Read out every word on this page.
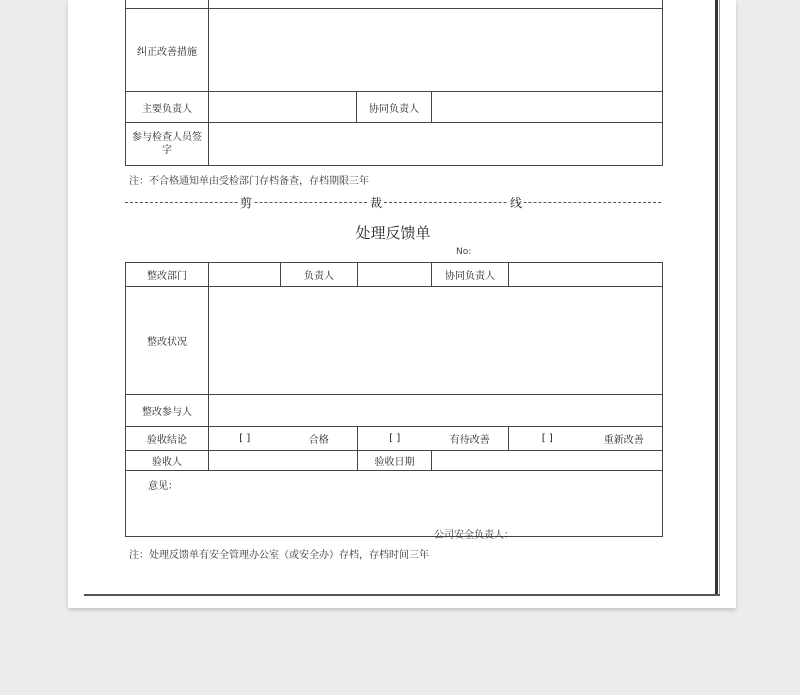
纠正改善措施			
主要负责人		协同负责人	
参与检查人员签字			
注：不合格通知单由受检部门存档备查，存档期限三年
剪	裁	线
处理反馈单
No:
整改部门		负责人		协同负责人		
整改状况						
整改参与人						
验收结论	[ ]	合格	[ ]	有待改善	[ ]	重新改善
验收人			验收日期			
意见：						
公司安全负责人：
注：处理反馈单有安全管理办公室（或安全办）存档，存档时间三年
